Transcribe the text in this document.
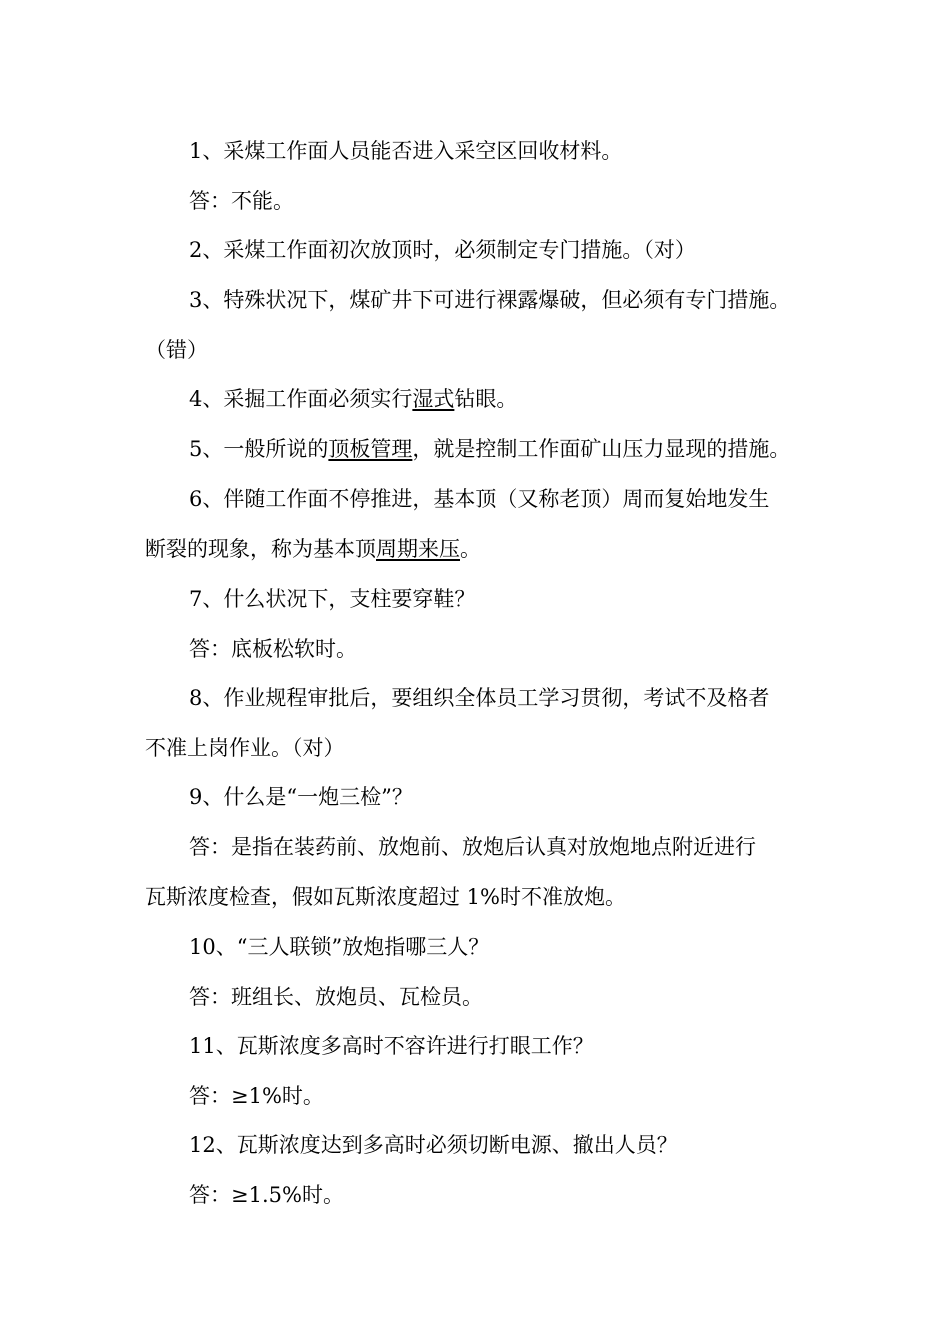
1、采煤工作面人员能否进入采空区回收材料。
答：不能。
2、采煤工作面初次放顶时，必须制定专门措施。（对）
3、特殊状况下，煤矿井下可进行裸露爆破，但必须有专门措施。
（错）
4、采掘工作面必须实行湿式钻眼。
5、一般所说的顶板管理，就是控制工作面矿山压力显现的措施。
6、伴随工作面不停推进，基本顶（又称老顶）周而复始地发生
断裂的现象，称为基本顶周期来压。
7、什么状况下，支柱要穿鞋？
答：底板松软时。
8、作业规程审批后，要组织全体员工学习贯彻，考试不及格者
不准上岗作业。（对）
9、什么是“一炮三检”？
答：是指在装药前、放炮前、放炮后认真对放炮地点附近进行
瓦斯浓度检查，假如瓦斯浓度超过 1%时不准放炮。
10、“三人联锁”放炮指哪三人？
答：班组长、放炮员、瓦检员。
11、瓦斯浓度多高时不容许进行打眼工作？
答：≥1%时。
12、瓦斯浓度达到多高时必须切断电源、撤出人员？
答：≥1.5%时。
